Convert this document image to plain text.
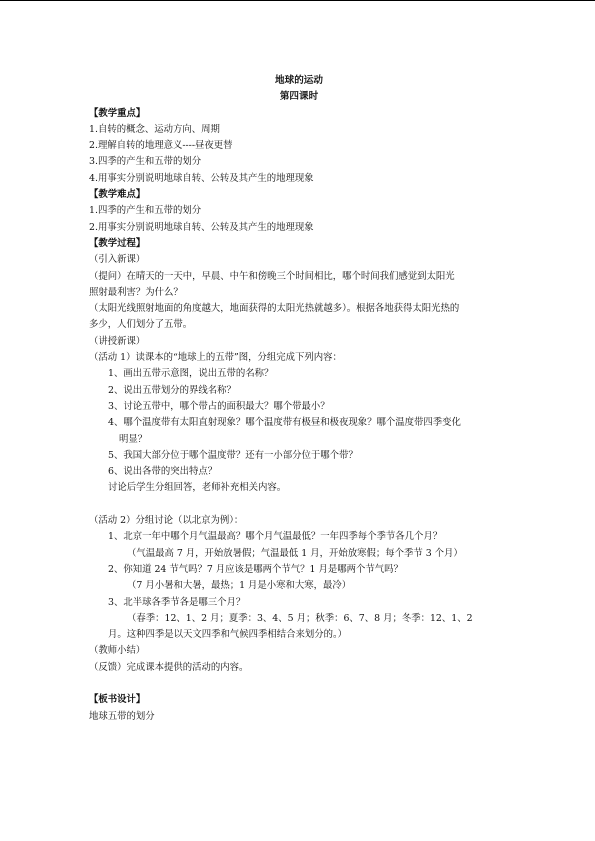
地球的运动
第四课时
【教学重点】
1.自转的概念、运动方向、周期
2.理解自转的地理意义----昼夜更替
3.四季的产生和五带的划分
4.用事实分别说明地球自转、公转及其产生的地理现象
【教学难点】
1.四季的产生和五带的划分
2.用事实分别说明地球自转、公转及其产生的地理现象
【教学过程】
（引入新课）
（提问）在晴天的一天中，早晨、中午和傍晚三个时间相比，哪个时间我们感觉到太阳光
照射最利害？为什么？
（太阳光线照射地面的角度越大，地面获得的太阳光热就越多）。根据各地获得太阳光热的
多少，人们划分了五带。
（讲授新课）
（活动 1）读课本的“地球上的五带”图，分组完成下列内容：
1、画出五带示意图，说出五带的名称？
2、说出五带划分的界线名称？
3、讨论五带中，哪个带占的面积最大？哪个带最小？
4、哪个温度带有太阳直射现象？哪个温度带有极昼和极夜现象？哪个温度带四季变化
明显？
5、我国大部分位于哪个温度带？还有一小部分位于哪个带？
6、说出各带的突出特点？
讨论后学生分组回答，老师补充相关内容。
（活动 2）分组讨论（以北京为例）：
1、北京一年中哪个月气温最高？哪个月气温最低？一年四季每个季节各几个月？
（气温最高 7 月，开始放暑假；气温最低 1 月，开始放寒假；每个季节 3 个月）
2、你知道 24 节气吗？7 月应该是哪两个节气？1 月是哪两个节气吗？
（7 月小暑和大暑，最热；1 月是小寒和大寒，最冷）
3、北半球各季节各是哪三个月？
（春季：12、1、2 月；夏季：3、4、5 月；秋季：6、7、8 月；冬季：12、1、2
月。这种四季是以天文四季和气候四季相结合来划分的。）
（教师小结）
（反馈）完成课本提供的活动的内容。
【板书设计】
地球五带的划分
